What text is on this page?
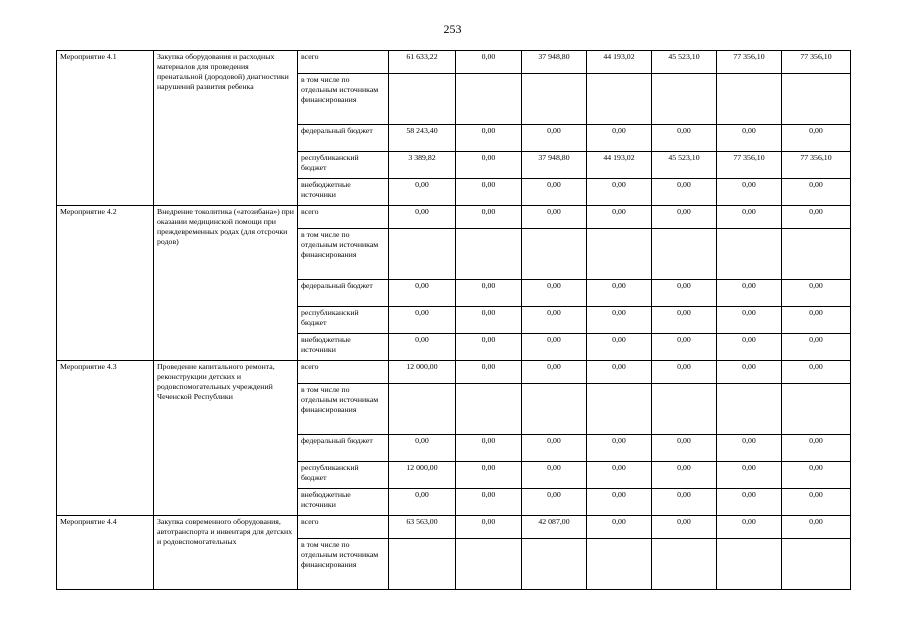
253
Мероприятие 4.1	Закупка оборудования и расходных материалов для проведения пренатальной (дородовой) диагностики нарушений развития ребенка	всего	61 633,22	0,00	37 948,80	44 193,02	45 523,10	77 356,10	77 356,10
		в том числе по отдельным источникам финансирования							
		федеральный бюджет	58 243,40	0,00	0,00	0,00	0,00	0,00	0,00
		республиканский бюджет	3 389,82	0,00	37 948,80	44 193,02	45 523,10	77 356,10	77 356,10
		внебюджетные источники	0,00	0,00	0,00	0,00	0,00	0,00	0,00
Мероприятие 4.2	Внедрение токолитика («атозибана») при оказании медицинской помощи при преждевременных родах (для отсрочки родов)	всего	0,00	0,00	0,00	0,00	0,00	0,00	0,00
		в том числе по отдельным источникам финансирования							
		федеральный бюджет	0,00	0,00	0,00	0,00	0,00	0,00	0,00
		республиканский бюджет	0,00	0,00	0,00	0,00	0,00	0,00	0,00
		внебюджетные источники	0,00	0,00	0,00	0,00	0,00	0,00	0,00
Мероприятие 4.3	Проведение капитального ремонта, реконструкции детских и родовспомогательных учреждений Чеченской Республики	всего	12 000,00	0,00	0,00	0,00	0,00	0,00	0,00
		в том числе по отдельным источникам финансирования							
		федеральный бюджет	0,00	0,00	0,00	0,00	0,00	0,00	0,00
		республиканский бюджет	12 000,00	0,00	0,00	0,00	0,00	0,00	0,00
		внебюджетные источники	0,00	0,00	0,00	0,00	0,00	0,00	0,00
Мероприятие 4.4	Закупка современного оборудования, автотранспорта и инвентаря для детских и родовспомогательных	всего	63 563,00	0,00	42 087,00	0,00	0,00	0,00	0,00
		в том числе по отдельным источникам финансирования							
